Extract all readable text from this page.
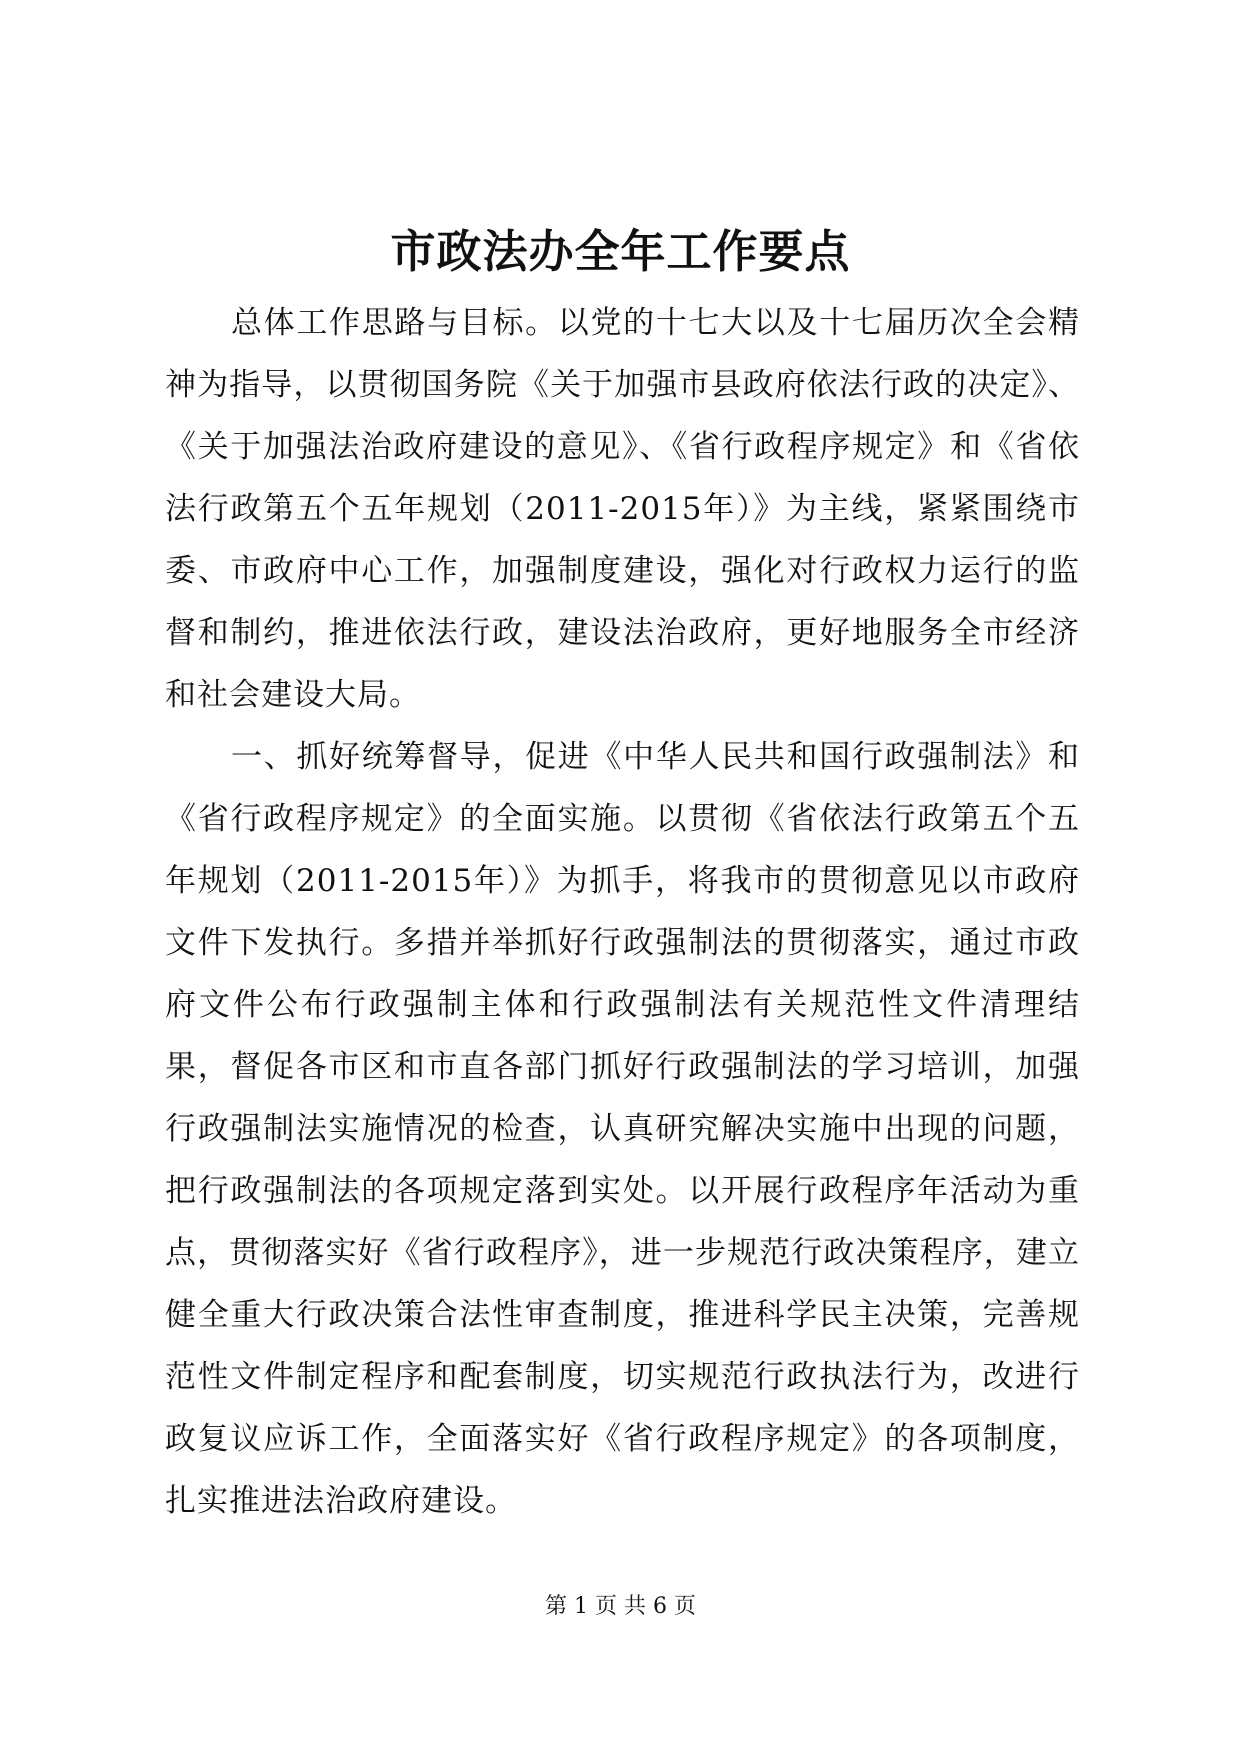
市政法办全年工作要点

总体工作思路与目标。以党的十七大以及十七届历次全会精神为指导，以贯彻国务院《关于加强市县政府依法行政的决定》、《关于加强法治政府建设的意见》、《省行政程序规定》和《省依法行政第五个五年规划（2011-2015年）》为主线，紧紧围绕市委、市政府中心工作，加强制度建设，强化对行政权力运行的监督和制约，推进依法行政，建设法治政府，更好地服务全市经济和社会建设大局。

一、抓好统筹督导，促进《中华人民共和国行政强制法》和《省行政程序规定》的全面实施。以贯彻《省依法行政第五个五年规划（2011-2015年）》为抓手，将我市的贯彻意见以市政府文件下发执行。多措并举抓好行政强制法的贯彻落实，通过市政府文件公布行政强制主体和行政强制法有关规范性文件清理结果，督促各市区和市直各部门抓好行政强制法的学习培训，加强行政强制法实施情况的检查，认真研究解决实施中出现的问题，把行政强制法的各项规定落到实处。以开展行政程序年活动为重点，贯彻落实好《省行政程序》，进一步规范行政决策程序，建立健全重大行政决策合法性审查制度，推进科学民主决策，完善规范性文件制定程序和配套制度，切实规范行政执法行为，改进行政复议应诉工作，全面落实好《省行政程序规定》的各项制度，扎实推进法治政府建设。

第 1 页 共 6 页
